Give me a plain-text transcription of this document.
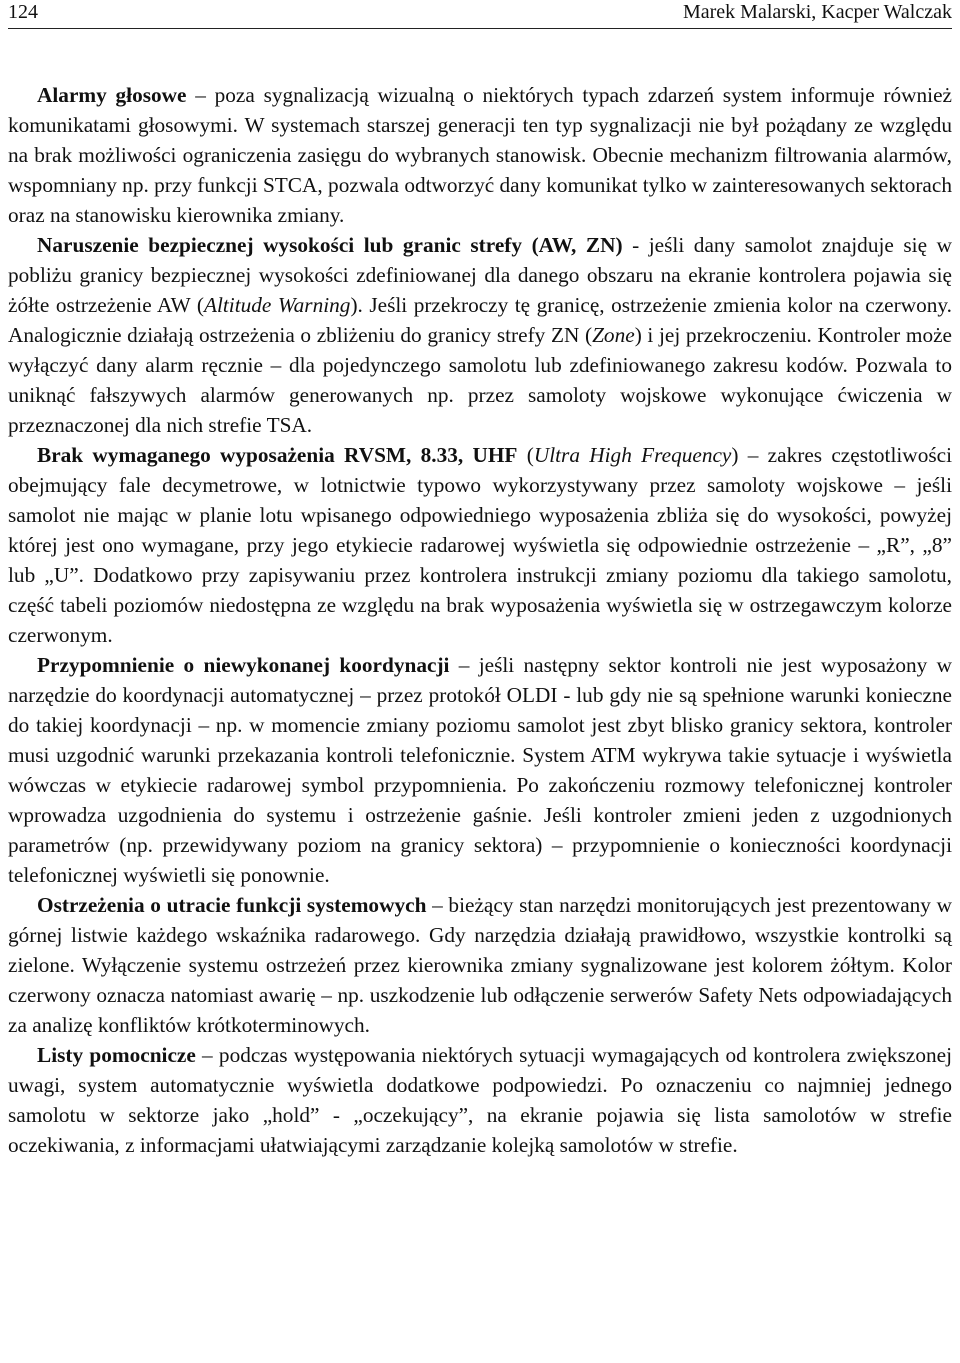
124	Marek Malarski, Kacper Walczak

Alarmy głosowe – poza sygnalizacją wizualną o niektórych typach zdarzeń system informuje również komunikatami głosowymi. W systemach starszej generacji ten typ sygnalizacji nie był pożądany ze względu na brak możliwości ograniczenia zasięgu do wybranych stanowisk. Obecnie mechanizm filtrowania alarmów, wspomniany np. przy funkcji STCA, pozwala odtworzyć dany komunikat tylko w zainteresowanych sektorach oraz na stanowisku kierownika zmiany.

Naruszenie bezpiecznej wysokości lub granic strefy (AW, ZN) - jeśli dany samolot znajduje się w pobliżu granicy bezpiecznej wysokości zdefiniowanej dla danego obszaru na ekranie kontrolera pojawia się żółte ostrzeżenie AW (Altitude Warning). Jeśli przekroczy tę granicę, ostrzeżenie zmienia kolor na czerwony. Analogicznie działają ostrzeżenia o zbliżeniu do granicy strefy ZN (Zone) i jej przekroczeniu. Kontroler może wyłączyć dany alarm ręcznie – dla pojedynczego samolotu lub zdefiniowanego zakresu kodów. Pozwala to uniknąć fałszywych alarmów generowanych np. przez samoloty wojskowe wykonujące ćwiczenia w przeznaczonej dla nich strefie TSA.

Brak wymaganego wyposażenia RVSM, 8.33, UHF (Ultra High Frequency) – zakres częstotliwości obejmujący fale decymetrowe, w lotnictwie typowo wykorzystywany przez samoloty wojskowe – jeśli samolot nie mając w planie lotu wpisanego odpowiedniego wyposażenia zbliża się do wysokości, powyżej której jest ono wymagane, przy jego etykiecie radarowej wyświetla się odpowiednie ostrzeżenie – „R”, „8” lub „U”. Dodatkowo przy zapisywaniu przez kontrolera instrukcji zmiany poziomu dla takiego samolotu, część tabeli poziomów niedostępna ze względu na brak wyposażenia wyświetla się w ostrzegawczym kolorze czerwonym.

Przypomnienie o niewykonanej koordynacji – jeśli następny sektor kontroli nie jest wyposażony w narzędzie do koordynacji automatycznej – przez protokół OLDI - lub gdy nie są spełnione warunki konieczne do takiej koordynacji – np. w momencie zmiany poziomu samolot jest zbyt blisko granicy sektora, kontroler musi uzgodnić warunki przekazania kontroli telefonicznie. System ATM wykrywa takie sytuacje i wyświetla wówczas w etykiecie radarowej symbol przypomnienia. Po zakończeniu rozmowy telefonicznej kontroler wprowadza uzgodnienia do systemu i ostrzeżenie gaśnie. Jeśli kontroler zmieni jeden z uzgodnionych parametrów (np. przewidywany poziom na granicy sektora) – przypomnienie o konieczności koordynacji telefonicznej wyświetli się ponownie.

Ostrzeżenia o utracie funkcji systemowych – bieżący stan narzędzi monitorujących jest prezentowany w górnej listwie każdego wskaźnika radarowego. Gdy narzędzia działają prawidłowo, wszystkie kontrolki są zielone. Wyłączenie systemu ostrzeżeń przez kierownika zmiany sygnalizowane jest kolorem żółtym. Kolor czerwony oznacza natomiast awarię – np. uszkodzenie lub odłączenie serwerów Safety Nets odpowiadających za analizę konfliktów krótkoterminowych.

Listy pomocnicze – podczas występowania niektórych sytuacji wymagających od kontrolera zwiększonej uwagi, system automatycznie wyświetla dodatkowe podpowiedzi. Po oznaczeniu co najmniej jednego samolotu w sektorze jako „hold” - „oczekujący”, na ekranie pojawia się lista samolotów w strefie oczekiwania, z informacjami ułatwiającymi zarządzanie kolejką samolotów w strefie.
